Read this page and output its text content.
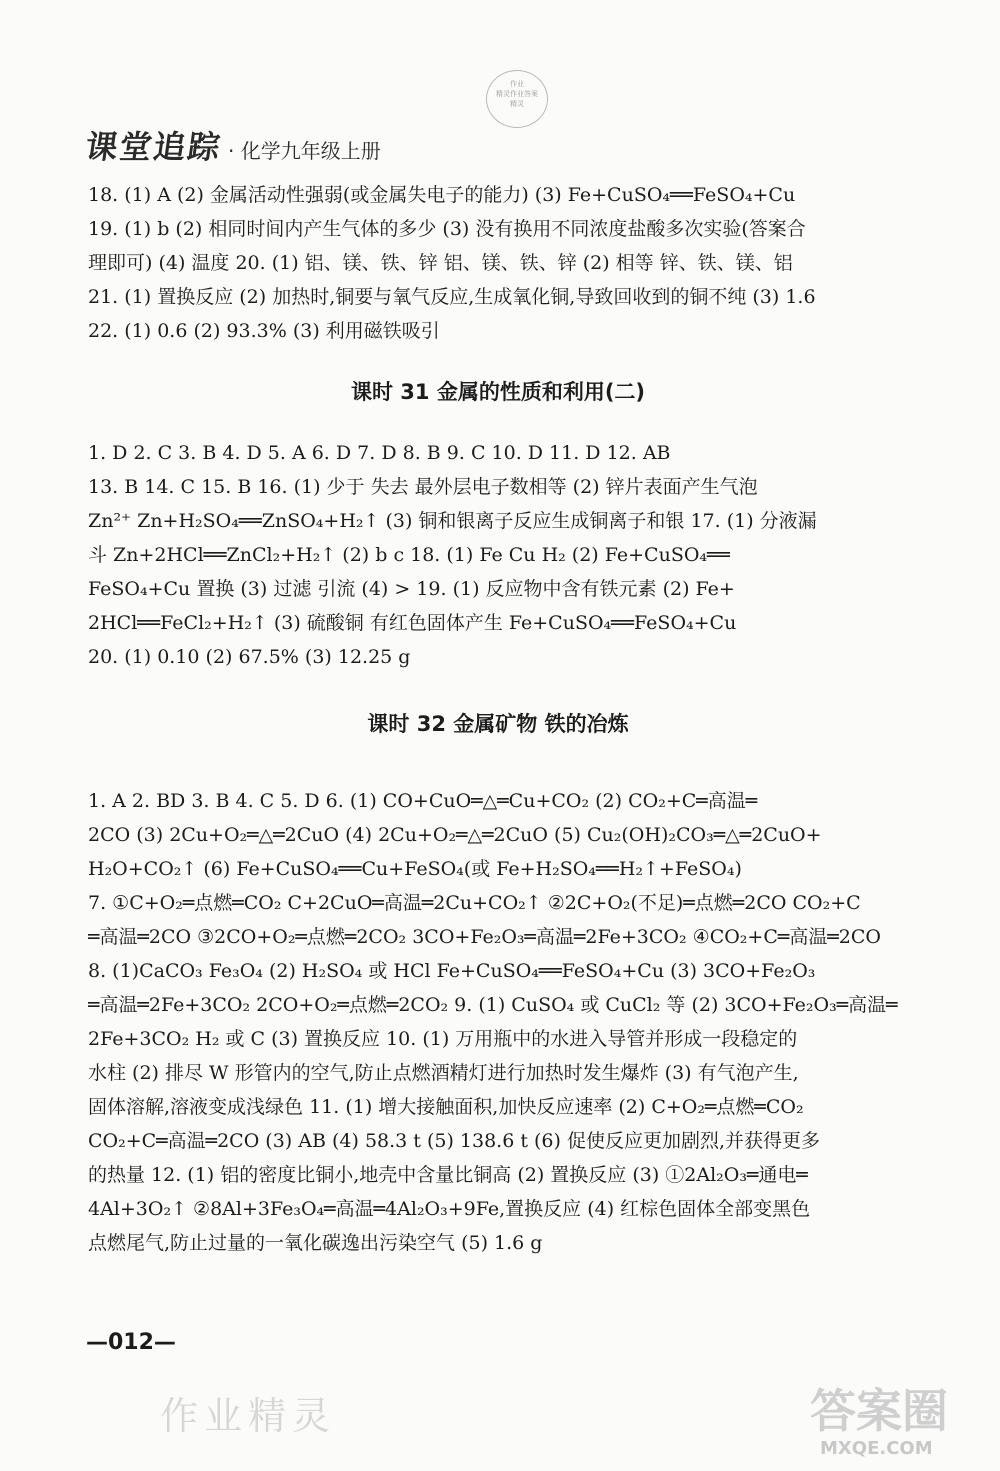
作业
精灵作业答案
精灵
课堂追踪 · 化学九年级上册
18. (1) A (2) 金属活动性强弱(或金属失电子的能力) (3) Fe+CuSO₄══FeSO₄+Cu
19. (1) b (2) 相同时间内产生气体的多少 (3) 没有换用不同浓度盐酸多次实验(答案合
理即可) (4) 温度 20. (1) 铝、镁、铁、锌 铝、镁、铁、锌 (2) 相等 锌、铁、镁、铝
21. (1) 置换反应 (2) 加热时,铜要与氧气反应,生成氧化铜,导致回收到的铜不纯 (3) 1.6
22. (1) 0.6 (2) 93.3% (3) 利用磁铁吸引
课时 31 金属的性质和利用(二)
1. D 2. C 3. B 4. D 5. A 6. D 7. D 8. B 9. C 10. D 11. D 12. AB
13. B 14. C 15. B 16. (1) 少于 失去 最外层电子数相等 (2) 锌片表面产生气泡
Zn²⁺ Zn+H₂SO₄══ZnSO₄+H₂↑ (3) 铜和银离子反应生成铜离子和银 17. (1) 分液漏
斗 Zn+2HCl══ZnCl₂+H₂↑ (2) b c 18. (1) Fe Cu H₂ (2) Fe+CuSO₄══
FeSO₄+Cu 置换 (3) 过滤 引流 (4) > 19. (1) 反应物中含有铁元素 (2) Fe+
2HCl══FeCl₂+H₂↑ (3) 硫酸铜 有红色固体产生 Fe+CuSO₄══FeSO₄+Cu
20. (1) 0.10 (2) 67.5% (3) 12.25 g
课时 32 金属矿物 铁的冶炼
1. A 2. BD 3. B 4. C 5. D 6. (1) CO+CuO═△═Cu+CO₂ (2) CO₂+C═高温═
2CO (3) 2Cu+O₂═△═2CuO (4) 2Cu+O₂═△═2CuO (5) Cu₂(OH)₂CO₃═△═2CuO+
H₂O+CO₂↑ (6) Fe+CuSO₄══Cu+FeSO₄(或 Fe+H₂SO₄══H₂↑+FeSO₄)
7. ①C+O₂═点燃═CO₂ C+2CuO═高温═2Cu+CO₂↑ ②2C+O₂(不足)═点燃═2CO CO₂+C
═高温═2CO ③2CO+O₂═点燃═2CO₂ 3CO+Fe₂O₃═高温═2Fe+3CO₂ ④CO₂+C═高温═2CO
8. (1)CaCO₃ Fe₃O₄ (2) H₂SO₄ 或 HCl Fe+CuSO₄══FeSO₄+Cu (3) 3CO+Fe₂O₃
═高温═2Fe+3CO₂ 2CO+O₂═点燃═2CO₂ 9. (1) CuSO₄ 或 CuCl₂ 等 (2) 3CO+Fe₂O₃═高温═
2Fe+3CO₂ H₂ 或 C (3) 置换反应 10. (1) 万用瓶中的水进入导管并形成一段稳定的
水柱 (2) 排尽 W 形管内的空气,防止点燃酒精灯进行加热时发生爆炸 (3) 有气泡产生,
固体溶解,溶液变成浅绿色 11. (1) 增大接触面积,加快反应速率 (2) C+O₂═点燃═CO₂
CO₂+C═高温═2CO (3) AB (4) 58.3 t (5) 138.6 t (6) 促使反应更加剧烈,并获得更多
的热量 12. (1) 铝的密度比铜小,地壳中含量比铜高 (2) 置换反应 (3) ①2Al₂O₃═通电═
4Al+3O₂↑ ②8Al+3Fe₃O₄═高温═4Al₂O₃+9Fe,置换反应 (4) 红棕色固体全部变黑色
点燃尾气,防止过量的一氧化碳逸出污染空气 (5) 1.6 g
—012—
作业精灵	答案圈
MXQE.COM
